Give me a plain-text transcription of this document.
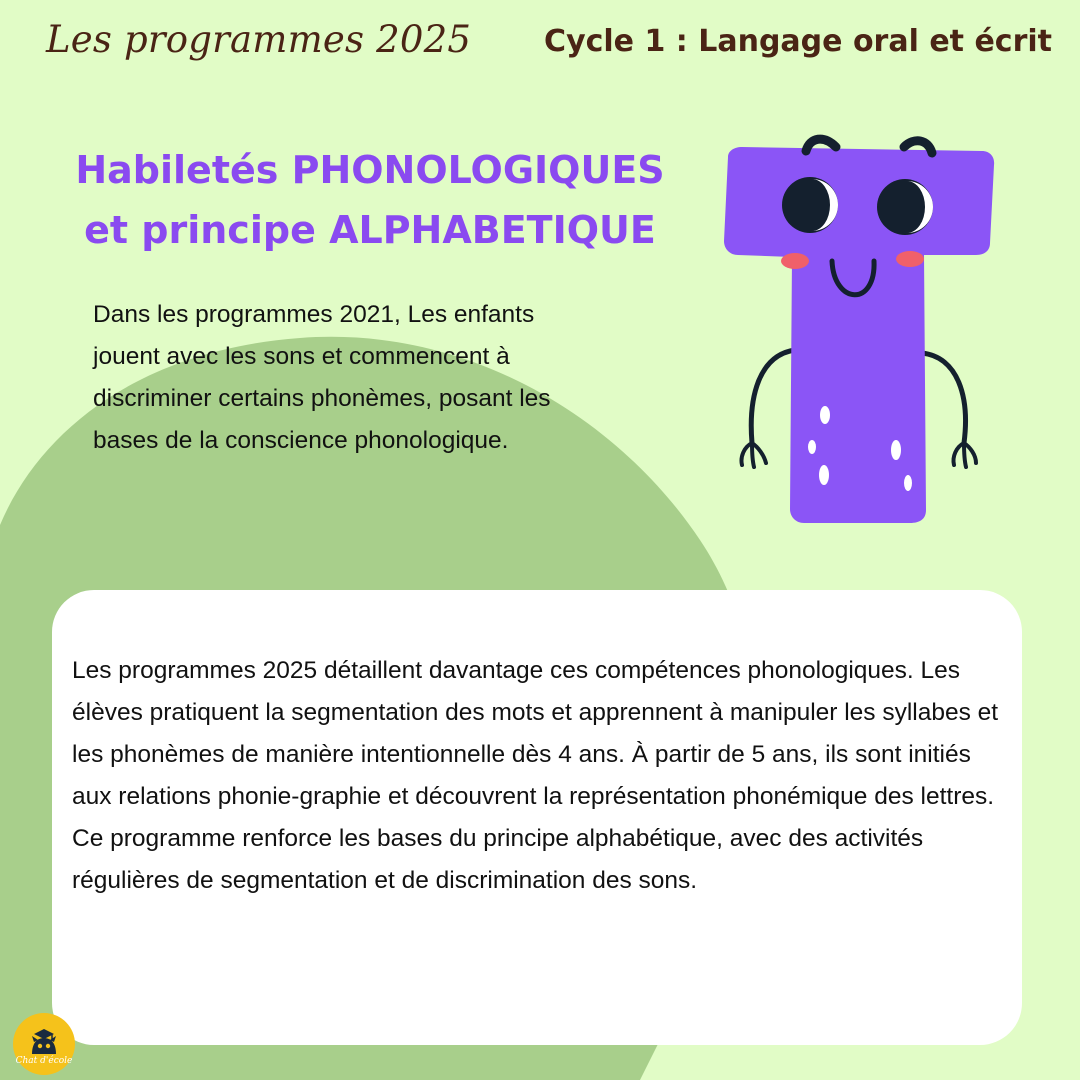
Les programmes 2025 Cycle 1 : Langage oral et écrit
Habiletés PHONOLOGIQUES
et principe ALPHABETIQUE
Dans les programmes 2021, Les enfants jouent avec les sons et commencent à discriminer certains phonèmes, posant les bases de la conscience phonologique.
Les programmes 2025 détaillent davantage ces compétences phonologiques. Les élèves pratiquent la segmentation des mots et apprennent à manipuler les syllabes et les phonèmes de manière intentionnelle dès 4 ans. À partir de 5 ans, ils sont initiés aux relations phonie-graphie et découvrent la représentation phonémique des lettres. Ce programme renforce les bases du principe alphabétique, avec des activités régulières de segmentation et de discrimination des sons.
Chat d'école
